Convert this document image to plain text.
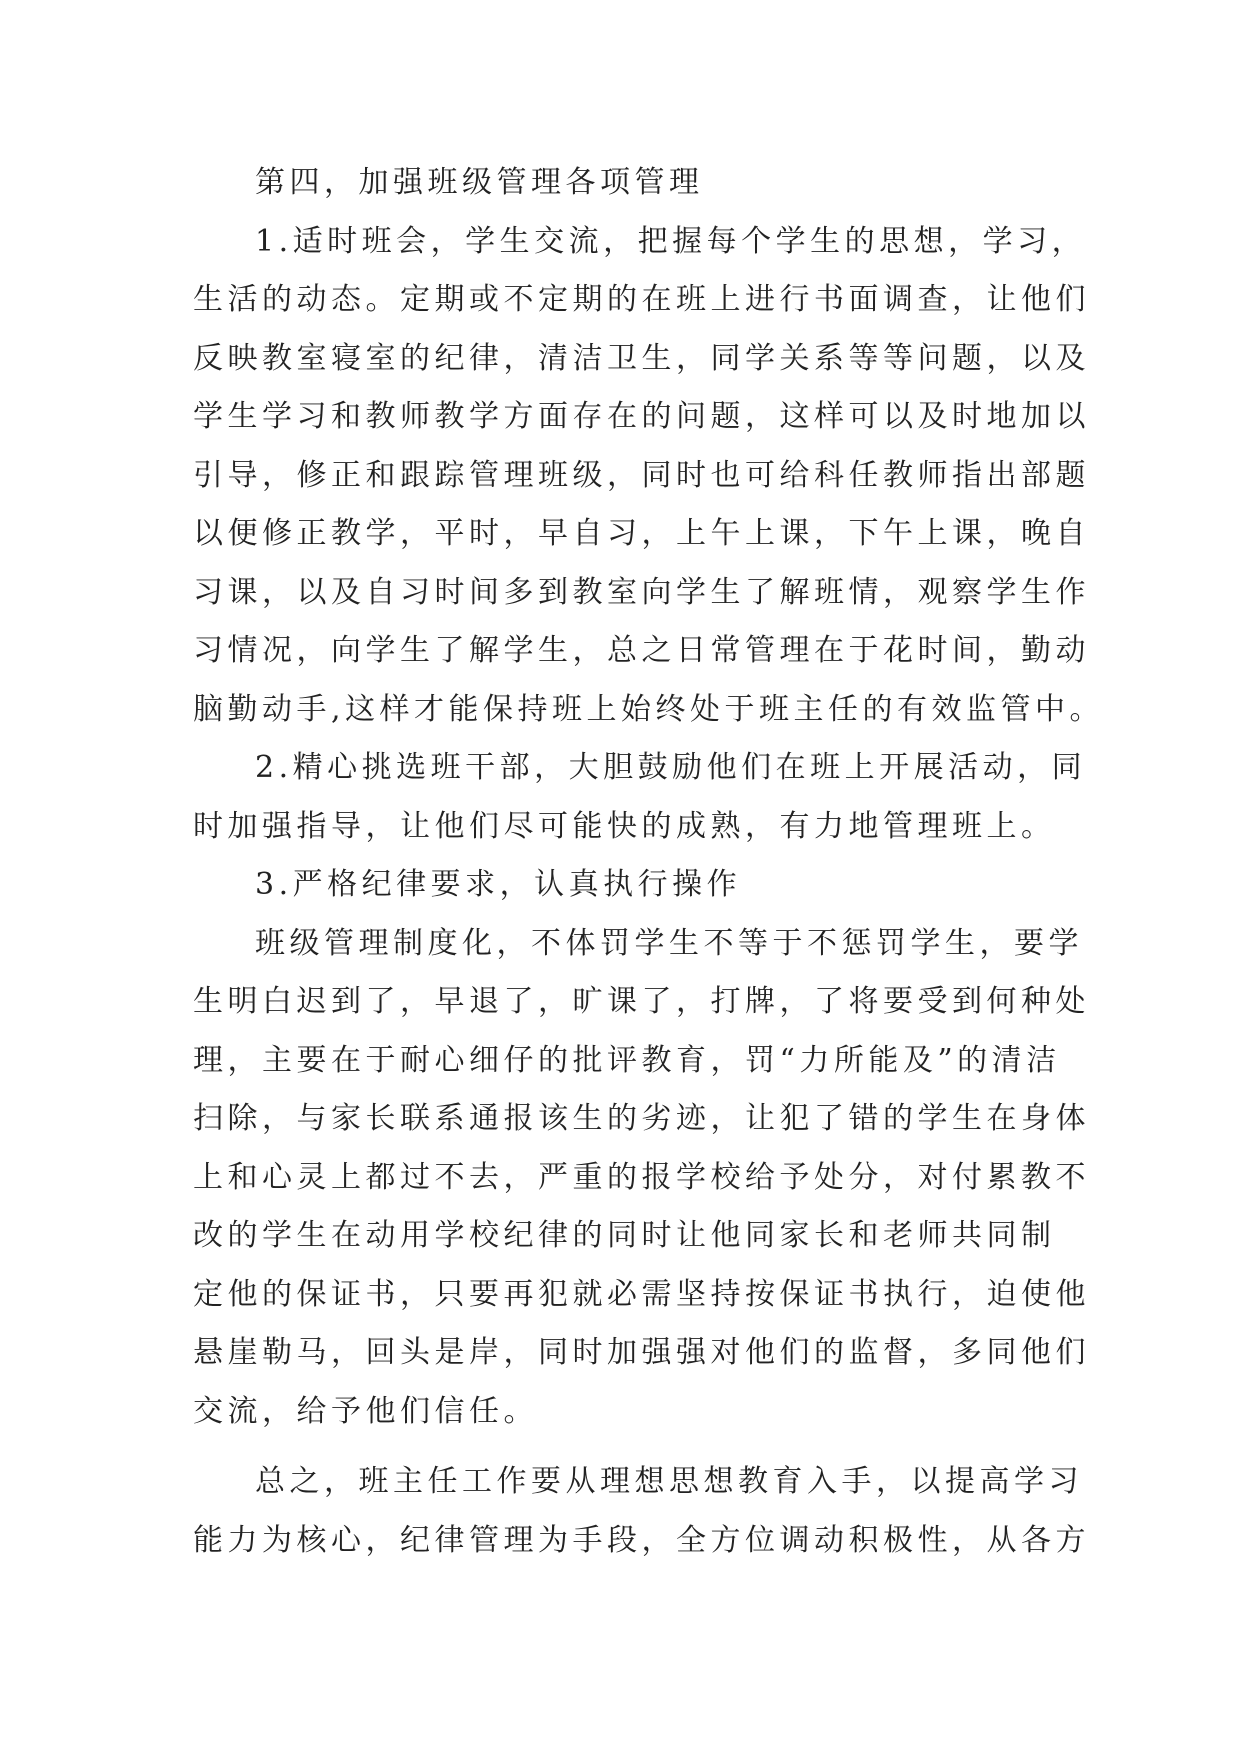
第四，加强班级管理各项管理
1.适时班会，学生交流，把握每个学生的思想，学习，
生活的动态。定期或不定期的在班上进行书面调查，让他们
反映教室寝室的纪律，清洁卫生，同学关系等等问题，以及
学生学习和教师教学方面存在的问题，这样可以及时地加以
引导，修正和跟踪管理班级，同时也可给科任教师指出部题
以便修正教学，平时，早自习，上午上课，下午上课，晚自
习课，以及自习时间多到教室向学生了解班情，观察学生作
习情况，向学生了解学生，总之日常管理在于花时间，勤动
脑勤动手,这样才能保持班上始终处于班主任的有效监管中。
2.精心挑选班干部，大胆鼓励他们在班上开展活动，同
时加强指导，让他们尽可能快的成熟，有力地管理班上。
3.严格纪律要求，认真执行操作
班级管理制度化，不体罚学生不等于不惩罚学生，要学
生明白迟到了，早退了，旷课了，打牌，了将要受到何种处
理，主要在于耐心细仔的批评教育，罚“力所能及”的清洁
扫除，与家长联系通报该生的劣迹，让犯了错的学生在身体
上和心灵上都过不去，严重的报学校给予处分，对付累教不
改的学生在动用学校纪律的同时让他同家长和老师共同制
定他的保证书，只要再犯就必需坚持按保证书执行，迫使他
悬崖勒马，回头是岸，同时加强强对他们的监督，多同他们
交流，给予他们信任。
总之，班主任工作要从理想思想教育入手，以提高学习
能力为核心，纪律管理为手段，全方位调动积极性，从各方
